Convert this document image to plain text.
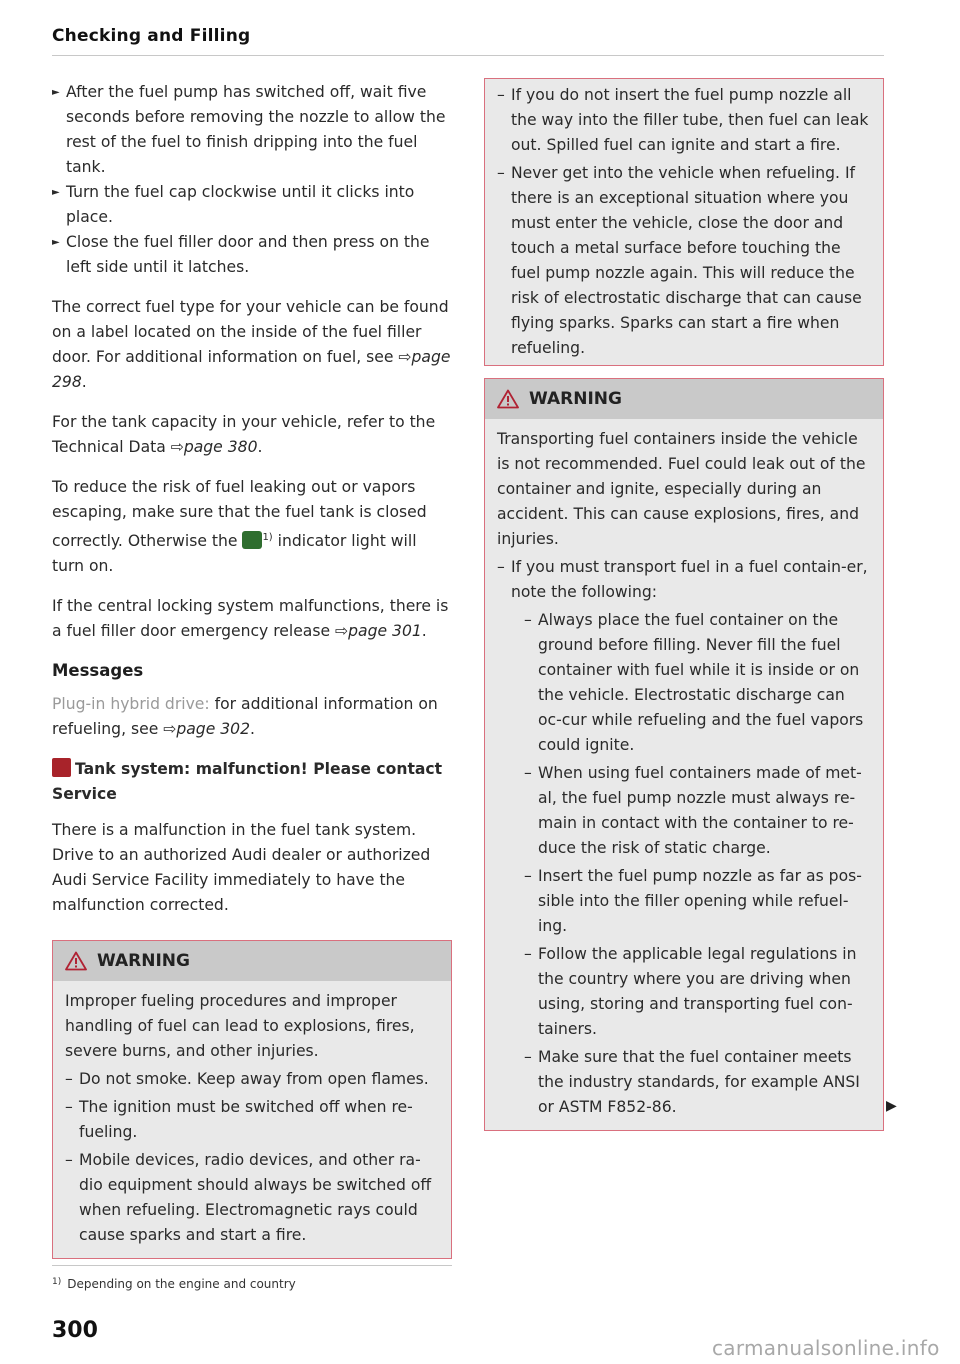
Checking and Filling
► After the fuel pump has switched off, wait five seconds before removing the nozzle to allow the rest of the fuel to finish dripping into the fuel tank.
► Turn the fuel cap clockwise until it clicks into place.
► Close the fuel filler door and then press on the left side until it latches.

The correct fuel type for your vehicle can be found on a label located on the inside of the fuel filler door. For additional information on fuel, see ⇨page 298.

For the tank capacity in your vehicle, refer to the Technical Data ⇨page 380.

To reduce the risk of fuel leaking out or vapors escaping, make sure that the fuel tank is closed correctly. Otherwise the $^{1)}$ indicator light will turn on.

If the central locking system malfunctions, there is a fuel filler door emergency release ⇨page 301.

Messages

Plug-in hybrid drive: for additional information on refueling, see ⇨page 302.

Tank system: malfunction! Please contact Service

There is a malfunction in the fuel tank system. Drive to an authorized Audi dealer or authorized Audi Service Facility immediately to have the malfunction corrected.

WARNING

Improper fueling procedures and improper handling of fuel can lead to explosions, fires, severe burns, and other injuries.

– Do not smoke. Keep away from open flames.
– The ignition must be switched off when re-fueling.
– Mobile devices, radio devices, and other ra-dio equipment should always be switched off when refueling. Electromagnetic rays could cause sparks and start a fire.
– If you do not insert the fuel pump nozzle all the way into the filler tube, then fuel can leak out. Spilled fuel can ignite and start a fire.
– Never get into the vehicle when refueling. If there is an exceptional situation where you must enter the vehicle, close the door and touch a metal surface before touching the fuel pump nozzle again. This will reduce the risk of electrostatic discharge that can cause flying sparks. Sparks can start a fire when refueling.
WARNING

Transporting fuel containers inside the vehicle is not recommended. Fuel could leak out of the container and ignite, especially during an accident. This can cause explosions, fires, and injuries.

– If you must transport fuel in a fuel contain-er, note the following:
– Always place the fuel container on the ground before filling. Never fill the fuel container with fuel while it is inside or on the vehicle. Electrostatic discharge can oc-cur while refueling and the fuel vapors could ignite.
– When using fuel containers made of met-al, the fuel pump nozzle must always re-main in contact with the container to re-duce the risk of static charge.
– Insert the fuel pump nozzle as far as pos-sible into the filler opening while refuel-ing.
– Follow the applicable legal regulations in the country where you are driving when using, storing and transporting fuel con-tainers.
– Make sure that the fuel container meets the industry standards, for example ANSI or ASTM F852-86.	▶
$^{1)}$ Depending on the engine and country
300
carmanualsonline.info
